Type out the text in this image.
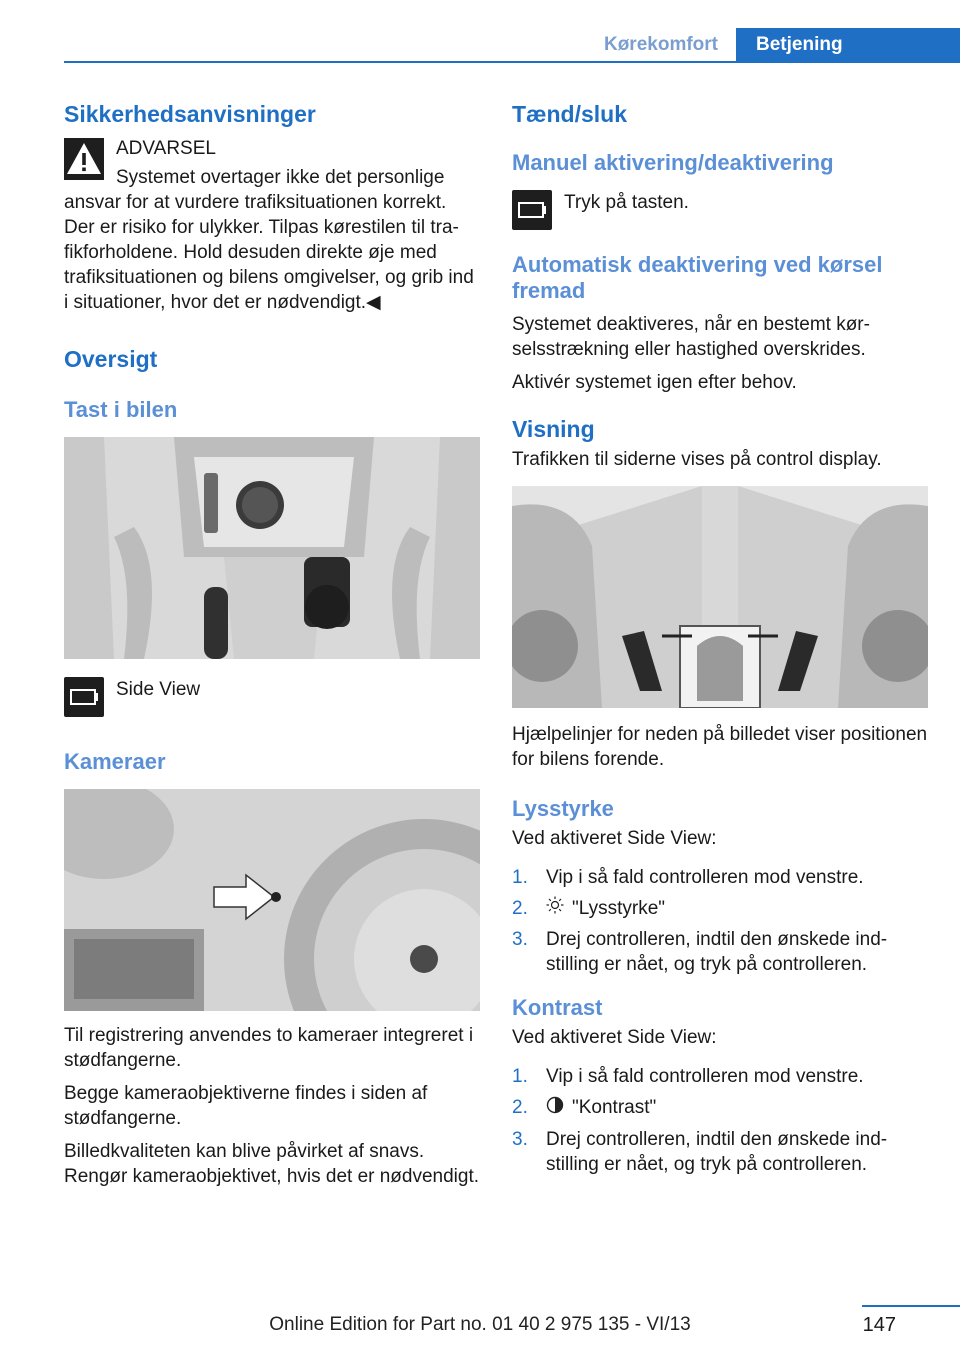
Kørekomfort	Betjening
Sikkerhedsanvisninger
ADVARSEL
Systemet overtager ikke det personlige
ansvar for at vurdere trafiksituationen korrekt. Der er risiko for ulykker. Tilpas kørestilen til trafikforholdene. Hold desuden direkte øje med trafiksituationen og bilens omgivelser, og grib ind i situationer, hvor det er nødvendigt.◀
Oversigt
Tast i bilen
Side View
Kameraer
Til registrering anvendes to kameraer integreret i stødfangerne.
Begge kameraobjektiverne findes i siden af stødfangerne.
Billedkvaliteten kan blive påvirket af snavs. Rengør kameraobjektivet, hvis det er nødvendigt.
Tænd/sluk
Manuel aktivering/deaktivering
Tryk på tasten.
Automatisk deaktivering ved kørsel fremad
Systemet deaktiveres, når en bestemt kørselsstrækning eller hastighed overskrides.
Aktivér systemet igen efter behov.
Visning
Trafikken til siderne vises på control display.
Hjælpelinjer for neden på billedet viser positionen for bilens forende.
Lysstyrke
Ved aktiveret Side View:
1. Vip i så fald controlleren mod venstre.
2. "Lysstyrke"
3. Drej controlleren, indtil den ønskede indstilling er nået, og tryk på controlleren.
Kontrast
Ved aktiveret Side View:
1. Vip i så fald controlleren mod venstre.
2. "Kontrast"
3. Drej controlleren, indtil den ønskede indstilling er nået, og tryk på controlleren.
147
Online Edition for Part no. 01 40 2 975 135 - VI/13
